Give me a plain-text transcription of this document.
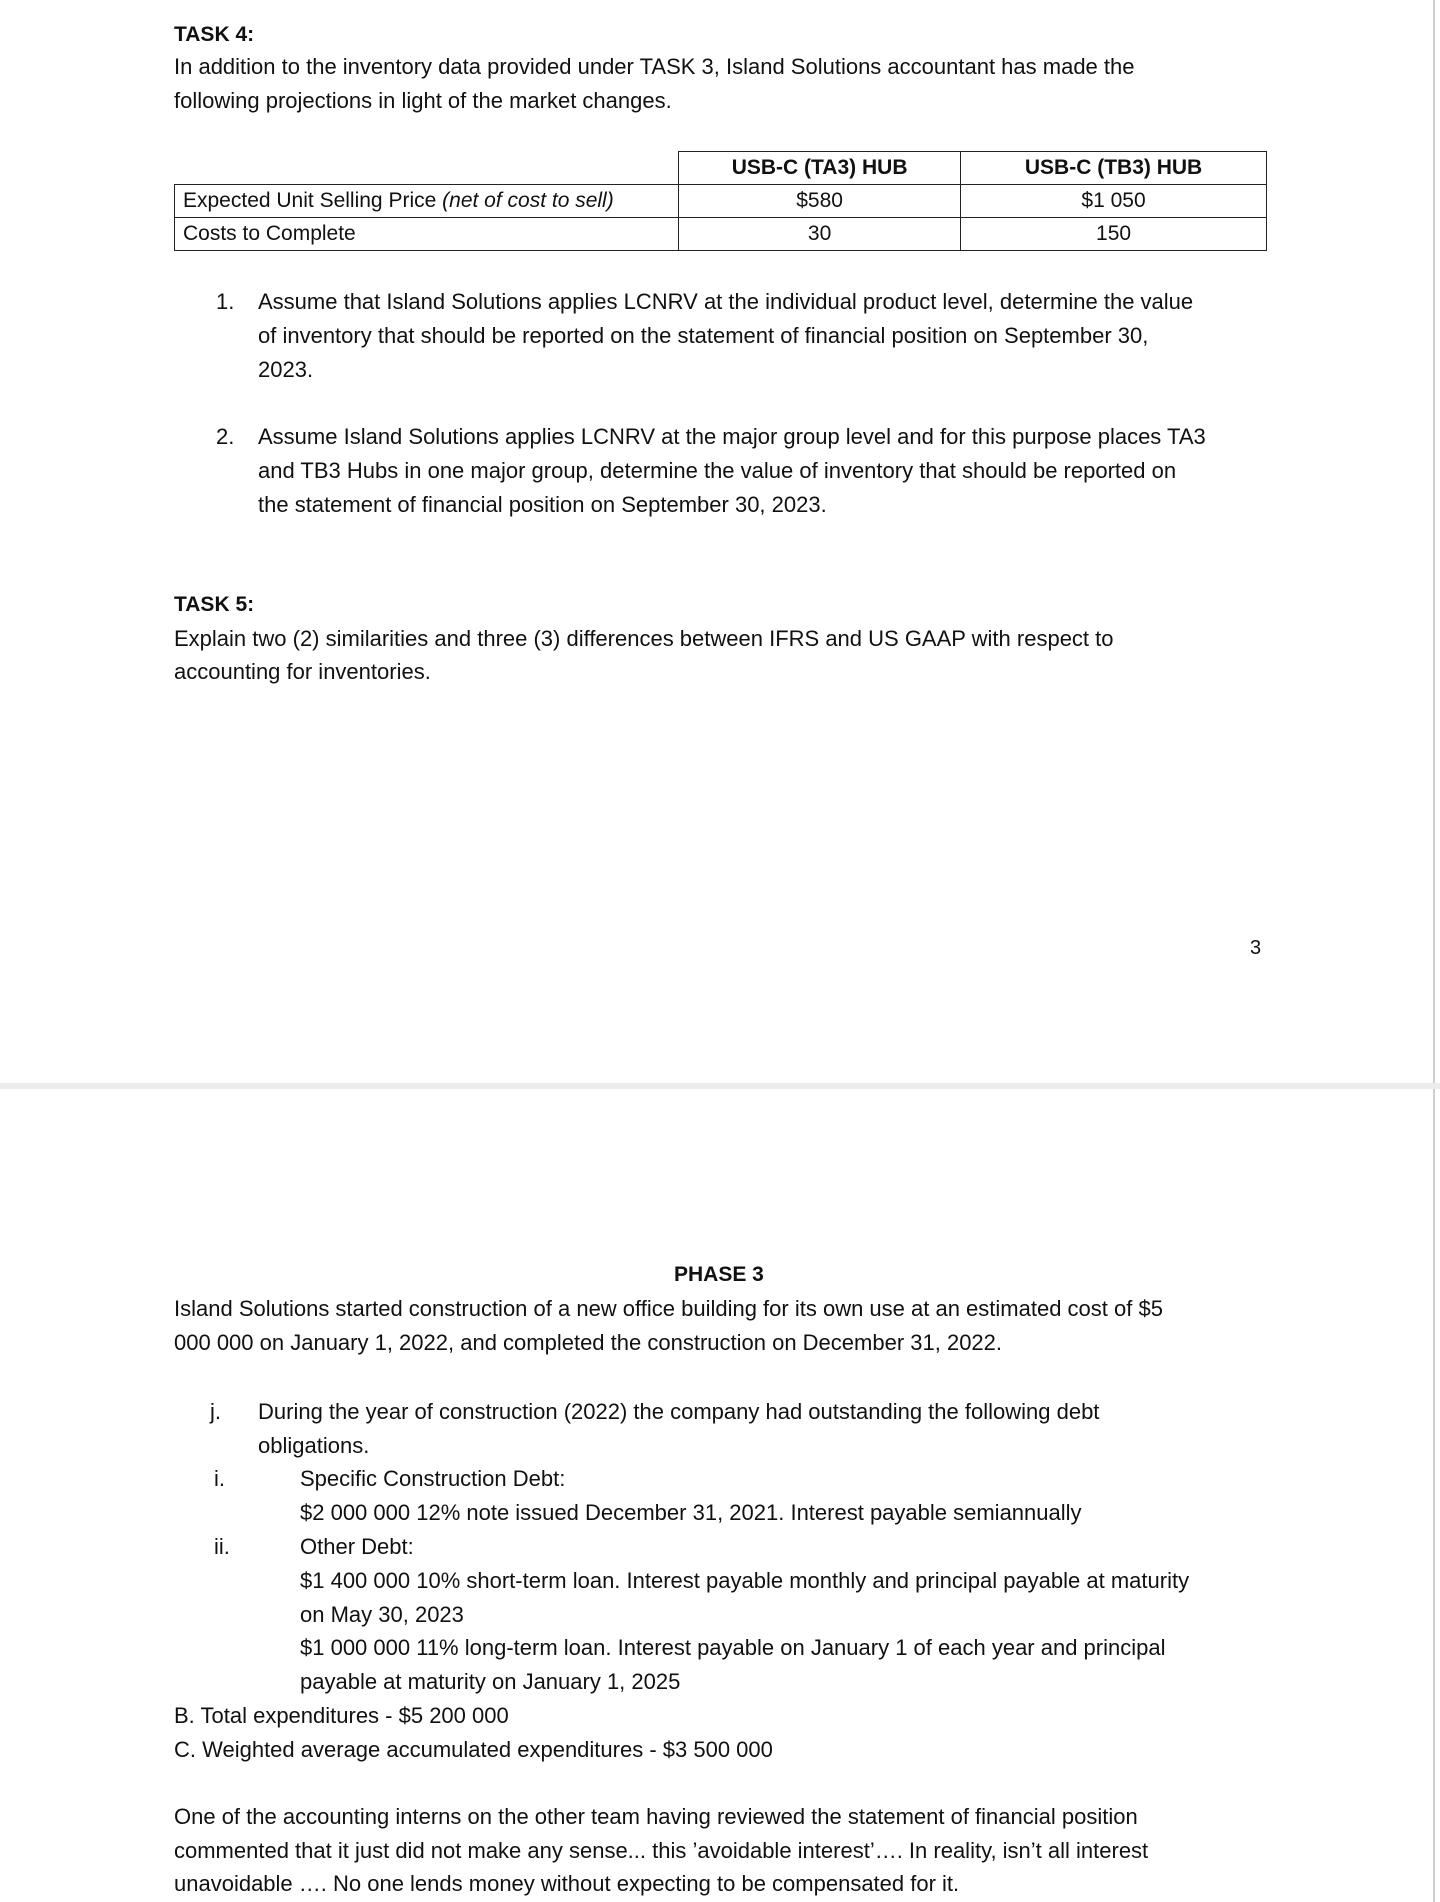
TASK 4:

In addition to the inventory data provided under TASK 3, Island Solutions accountant has made the

following projections in light of the market changes.

	USB-C (TA3) HUB	USB-C (TB3) HUB
Expected Unit Selling Price (net of cost to sell)	$580	$1 050
Costs to Complete	30	150
1. Assume that Island Solutions applies LCNRV at the individual product level, determine the value

of inventory that should be reported on the statement of financial position on September 30,

2023.

2. Assume Island Solutions applies LCNRV at the major group level and for this purpose places TA3

and TB3 Hubs in one major group, determine the value of inventory that should be reported on

the statement of financial position on September 30, 2023.

TASK 5:

Explain two (2) similarities and three (3) differences between IFRS and US GAAP with respect to

accounting for inventories.

3

PHASE 3

Island Solutions started construction of a new office building for its own use at an estimated cost of $5

000 000 on January 1, 2022, and completed the construction on December 31, 2022.

j. During the year of construction (2022) the company had outstanding the following debt

obligations.

i.	Specific Construction Debt:

$2 000 000 12% note issued December 31, 2021. Interest payable semiannually

ii.	Other Debt:

$1 400 000 10% short-term loan. Interest payable monthly and principal payable at maturity

on May 30, 2023

$1 000 000 11% long-term loan. Interest payable on January 1 of each year and principal

payable at maturity on January 1, 2025

B. Total expenditures - $5 200 000

C. Weighted average accumulated expenditures - $3 500 000

One of the accounting interns on the other team having reviewed the statement of financial position

commented that it just did not make any sense... this ’avoidable interest’…. In reality, isn’t all interest

unavoidable …. No one lends money without expecting to be compensated for it.
